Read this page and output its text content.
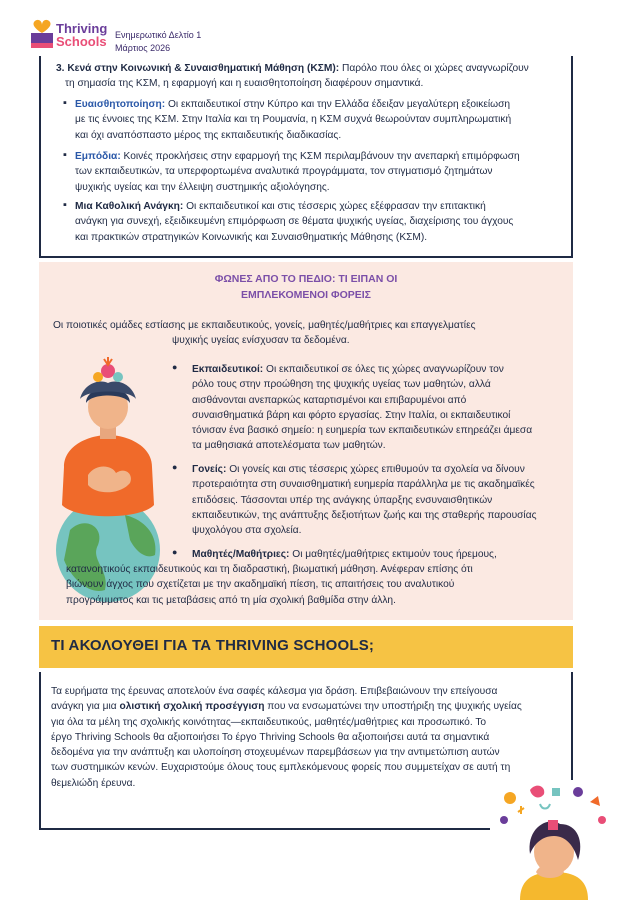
Thriving
Schools Ενημερωτικό Δελτίο 1
Μάρτιος 2026
3. Κενά στην Κοινωνική & Συναισθηματική Μάθηση (ΚΣΜ): Παρόλο που όλες οι χώρες αναγνωρίζουν
τη σημασία της ΚΣΜ, η εφαρμογή και η ευαισθητοποίηση διαφέρουν σημαντικά.
▪ Ευαισθητοποίηση: Οι εκπαιδευτικοί στην Κύπρο και την Ελλάδα έδειξαν μεγαλύτερη εξοικείωση
με τις έννοιες της ΚΣΜ. Στην Ιταλία και τη Ρουμανία, η ΚΣΜ συχνά θεωρούνταν συμπληρωματική
και όχι αναπόσπαστο μέρος της εκπαιδευτικής διαδικασίας.
▪ Εμπόδια: Κοινές προκλήσεις στην εφαρμογή της ΚΣΜ περιλαμβάνουν την ανεπαρκή επιμόρφωση
των εκπαιδευτικών, τα υπερφορτωμένα αναλυτικά προγράμματα, τον στιγματισμό ζητημάτων
ψυχικής υγείας και την έλλειψη συστημικής αξιολόγησης.
▪ Μια Καθολική Ανάγκη: Οι εκπαιδευτικοί και στις τέσσερις χώρες εξέφρασαν την επιτακτική
ανάγκη για συνεχή, εξειδικευμένη επιμόρφωση σε θέματα ψυχικής υγείας, διαχείρισης του άγχους
και πρακτικών στρατηγικών Κοινωνικής και Συναισθηματικής Μάθησης (ΚΣΜ).
ΦΩΝΕΣ ΑΠΟ ΤΟ ΠΕΔΙΟ: ΤΙ ΕΙΠΑΝ ΟΙ
ΕΜΠΛΕΚΟΜΕΝΟΙ ΦΟΡΕΙΣ
Οι ποιοτικές ομάδες εστίασης με εκπαιδευτικούς, γονείς, μαθητές/μαθήτριες και επαγγελματίες
ψυχικής υγείας ενίσχυσαν τα δεδομένα.
● Εκπαιδευτικοί: Οι εκπαιδευτικοί σε όλες τις χώρες αναγνωρίζουν τον
ρόλο τους στην προώθηση της ψυχικής υγείας των μαθητών, αλλά
αισθάνονται ανεπαρκώς καταρτισμένοι και επιβαρυμένοι από
συναισθηματικά βάρη και φόρτο εργασίας. Στην Ιταλία, οι εκπαιδευτικοί
τόνισαν ένα βασικό σημείο: η ευημερία των εκπαιδευτικών επηρεάζει άμεσα
τα μαθησιακά αποτελέσματα των μαθητών.
● Γονείς: Οι γονείς και στις τέσσερις χώρες επιθυμούν τα σχολεία να δίνουν
προτεραιότητα στη συναισθηματική ευημερία παράλληλα με τις ακαδημαϊκές
επιδόσεις. Τάσσονται υπέρ της ανάγκης ύπαρξης ενσυναισθητικών
εκπαιδευτικών, της ανάπτυξης δεξιοτήτων ζωής και της σταθερής παρουσίας
ψυχολόγου στα σχολεία.
● Μαθητές/Μαθήτριες: Οι μαθητές/μαθήτριες εκτιμούν τους ήρεμους,
κατανοητικούς εκπαιδευτικούς και τη διαδραστική, βιωματική μάθηση. Ανέφεραν επίσης ότι
βιώνουν άγχος που σχετίζεται με την ακαδημαϊκή πίεση, τις απαιτήσεις του αναλυτικού
προγράμματος και τις μεταβάσεις από τη μία σχολική βαθμίδα στην άλλη.
ΤΙ ΑΚΟΛΟΥΘΕΙ ΓΙΑ ΤΑ THRIVING SCHOOLS;
Τα ευρήματα της έρευνας αποτελούν ένα σαφές κάλεσμα για δράση. Επιβεβαιώνουν την επείγουσα
ανάγκη για μια ολιστική σχολική προσέγγιση που να ενσωματώνει την υποστήριξη της ψυχικής υγείας
για όλα τα μέλη της σχολικής κοινότητας—εκπαιδευτικούς, μαθητές/μαθήτριες και προσωπικό. Το
έργο Thriving Schools θα αξιοποιήσει Το έργο Thriving Schools θα αξιοποιήσει αυτά τα σημαντικά
δεδομένα για την ανάπτυξη και υλοποίηση στοχευμένων παρεμβάσεων για την αντιμετώπιση αυτών
των συστημικών κενών. Ευχαριστούμε όλους τους εμπλεκόμενους φορείς που συμμετείχαν σε αυτή τη
θεμελιώδη έρευνα.
